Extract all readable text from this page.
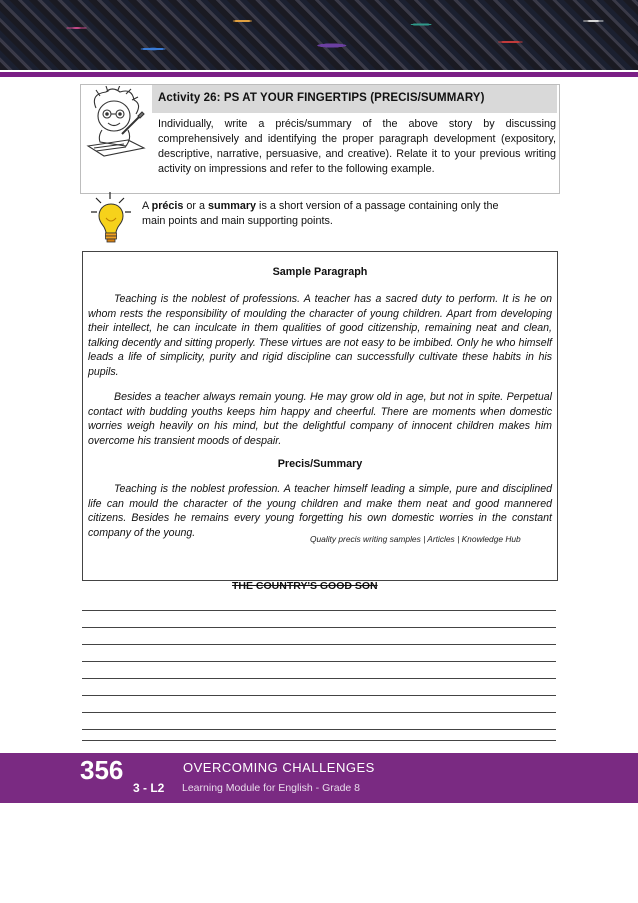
Activity 26: PS AT YOUR FINGERTIPS (PRECIS/SUMMARY)
Individually, write a précis/summary of the above story by discussing comprehensively and identifying the proper paragraph development (expository, descriptive, narrative, persuasive, and creative). Relate it to your previous writing activity on impressions and refer to the following example.
A précis or a summary is a short version of a passage containing only the
main points and main supporting points.
Sample Paragraph
Teaching is the noblest of professions. A teacher has a sacred duty to perform. It is he on whom rests the responsibility of moulding the character of young children. Apart from developing their intellect, he can inculcate in them qualities of good citizenship, remaining neat and clean, talking decently and sitting properly. These virtues are not easy to be imbibed. Only he who himself leads a life of simplicity, purity and rigid discipline can successfully cultivate these habits in his pupils.
Besides a teacher always remain young. He may grow old in age, but not in spite. Perpetual contact with budding youths keeps him happy and cheerful. There are moments when domestic worries weigh heavily on his mind, but the delightful company of innocent children makes him overcome his transient moods of despair.
Precis/Summary
Teaching is the noblest profession. A teacher himself leading a simple, pure and disciplined life can mould the character of the young children and make them neat and good mannered citizens. Besides he remains every young forgetting his own domestic worries in the constant company of the young.
Quality precis writing samples | Articles | Knowledge Hub
THE COUNTRY'S GOOD SON
356	OVERCOMING CHALLENGES
3 - L2 Learning Module for English - Grade 8
